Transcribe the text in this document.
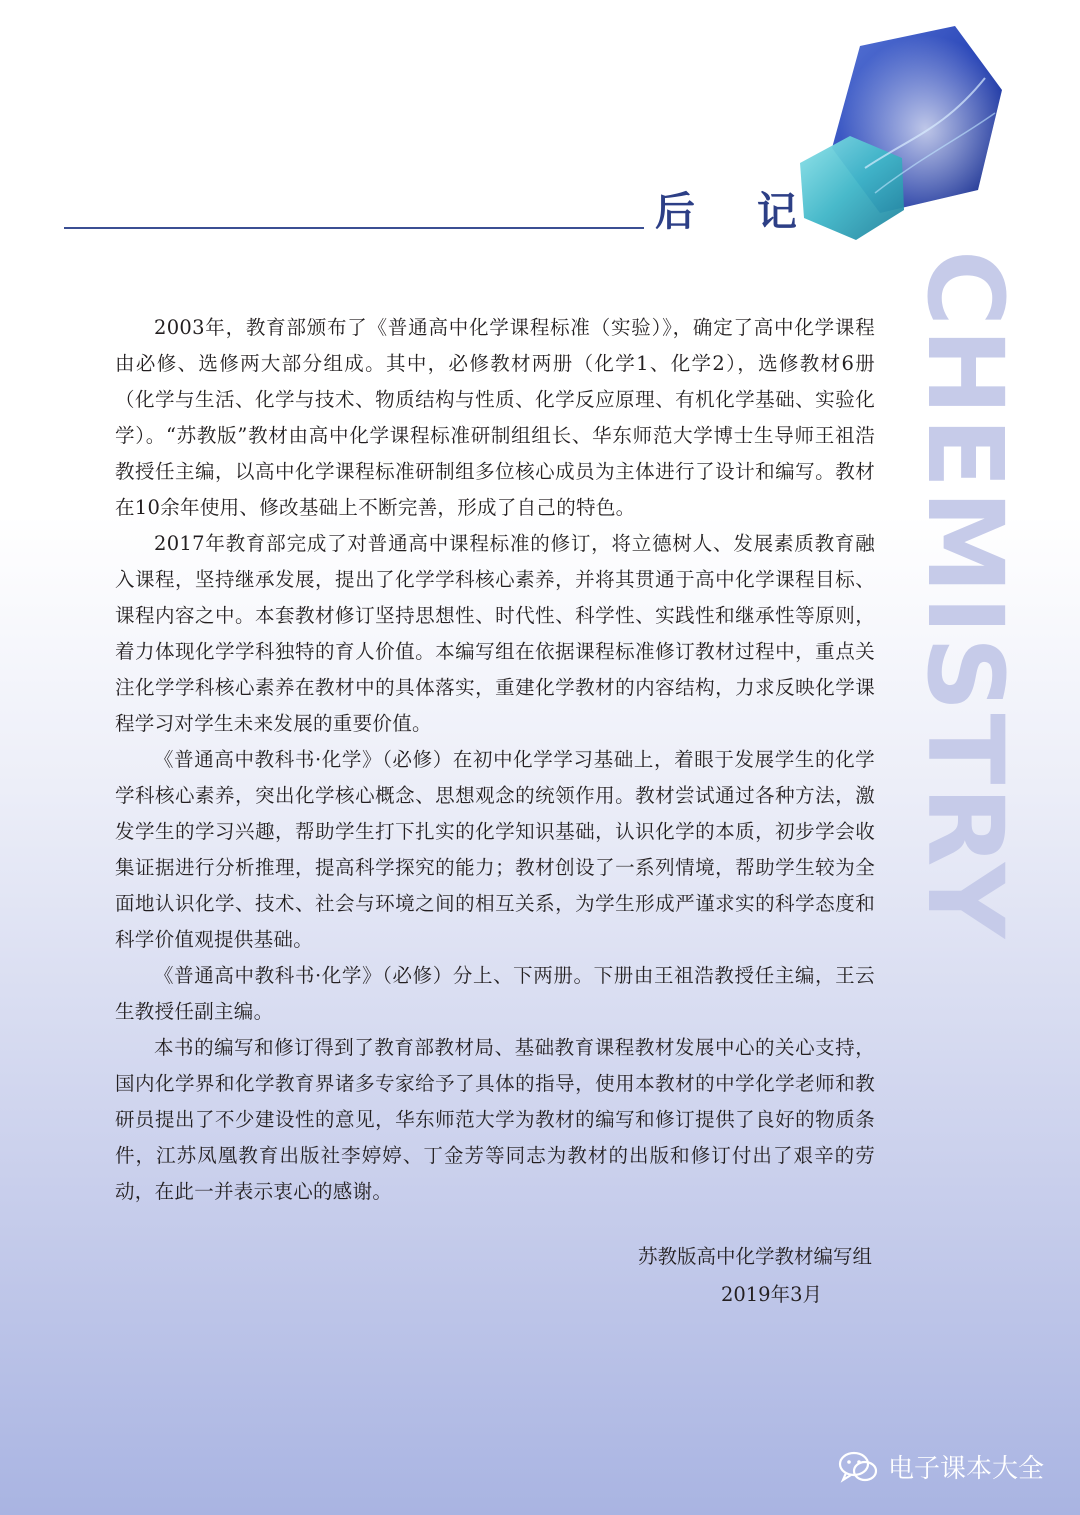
后 记
CHEMISTRY

2003年，教育部颁布了《普通高中化学课程标准（实验）》，确定了高中化学课程由必修、选修两大部分组成。其中，必修教材两册（化学1、化学2），选修教材6册（化学与生活、化学与技术、物质结构与性质、化学反应原理、有机化学基础、实验化学）。“苏教版”教材由高中化学课程标准研制组组长、华东师范大学博士生导师王祖浩教授任主编，以高中化学课程标准研制组多位核心成员为主体进行了设计和编写。教材在10余年使用、修改基础上不断完善，形成了自己的特色。

2017年教育部完成了对普通高中课程标准的修订，将立德树人、发展素质教育融入课程，坚持继承发展，提出了化学学科核心素养，并将其贯通于高中化学课程目标、课程内容之中。本套教材修订坚持思想性、时代性、科学性、实践性和继承性等原则，着力体现化学学科独特的育人价值。本编写组在依据课程标准修订教材过程中，重点关注化学学科核心素养在教材中的具体落实，重建化学教材的内容结构，力求反映化学课程学习对学生未来发展的重要价值。

《普通高中教科书·化学》（必修）在初中化学学习基础上，着眼于发展学生的化学学科核心素养，突出化学核心概念、思想观念的统领作用。教材尝试通过各种方法，激发学生的学习兴趣，帮助学生打下扎实的化学知识基础，认识化学的本质，初步学会收集证据进行分析推理，提高科学探究的能力；教材创设了一系列情境，帮助学生较为全面地认识化学、技术、社会与环境之间的相互关系，为学生形成严谨求实的科学态度和科学价值观提供基础。

《普通高中教科书·化学》（必修）分上、下两册。下册由王祖浩教授任主编，王云生教授任副主编。

本书的编写和修订得到了教育部教材局、基础教育课程教材发展中心的关心支持，国内化学界和化学教育界诸多专家给予了具体的指导，使用本教材的中学化学老师和教研员提出了不少建设性的意见，华东师范大学为教材的编写和修订提供了良好的物质条件，江苏凤凰教育出版社李婷婷、丁金芳等同志为教材的出版和修订付出了艰辛的劳动，在此一并表示衷心的感谢。

苏教版高中化学教材编写组
2019年3月
电子课本大全
